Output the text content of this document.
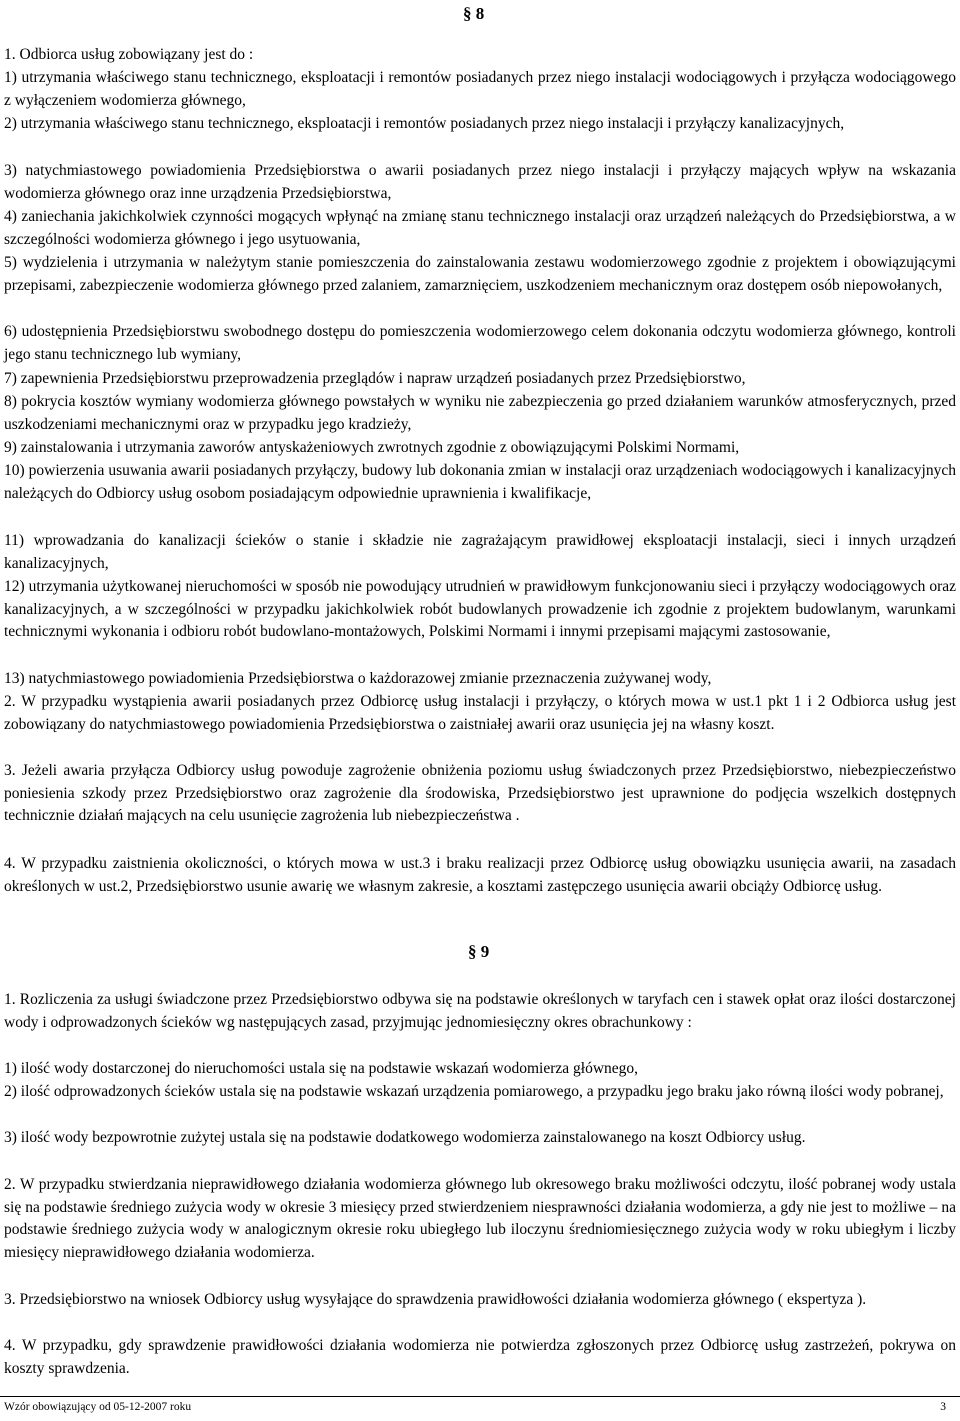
§ 8

1. Odbiorca usług zobowiązany jest do :

1) utrzymania właściwego stanu technicznego, eksploatacji i remontów posiadanych przez niego instalacji wodociągowych i przyłącza wodociągowego z wyłączeniem wodomierza głównego,

2) utrzymania właściwego stanu technicznego, eksploatacji i remontów posiadanych przez niego instalacji i przyłączy kanalizacyjnych,

3) natychmiastowego powiadomienia Przedsiębiorstwa o awarii posiadanych przez niego instalacji i przyłączy mających wpływ na wskazania wodomierza głównego oraz inne urządzenia Przedsiębiorstwa,

4) zaniechania jakichkolwiek czynności mogących wpłynąć na zmianę stanu technicznego instalacji oraz urządzeń należących do Przedsiębiorstwa, a w szczególności wodomierza głównego i jego usytuowania,

5) wydzielenia i utrzymania w należytym stanie pomieszczenia do zainstalowania zestawu wodomierzowego zgodnie z projektem i obowiązującymi przepisami, zabezpieczenie wodomierza głównego przed zalaniem, zamarznięciem, uszkodzeniem mechanicznym oraz dostępem osób niepowołanych,

6) udostępnienia Przedsiębiorstwu swobodnego dostępu do pomieszczenia wodomierzowego celem dokonania odczytu wodomierza głównego, kontroli jego stanu technicznego lub wymiany,

7) zapewnienia Przedsiębiorstwu przeprowadzenia przeglądów i napraw urządzeń posiadanych przez Przedsiębiorstwo,

8) pokrycia kosztów wymiany wodomierza głównego powstałych w wyniku nie zabezpieczenia go przed działaniem warunków atmosferycznych, przed uszkodzeniami mechanicznymi oraz w przypadku jego kradzieży,

9) zainstalowania i utrzymania zaworów antyskażeniowych zwrotnych zgodnie z obowiązującymi Polskimi Normami,

10) powierzenia usuwania awarii posiadanych przyłączy, budowy lub dokonania zmian w instalacji oraz urządzeniach wodociągowych i kanalizacyjnych należących do Odbiorcy usług osobom posiadającym odpowiednie uprawnienia i kwalifikacje,

11) wprowadzania do kanalizacji ścieków o stanie i składzie nie zagrażającym prawidłowej eksploatacji instalacji, sieci i innych urządzeń kanalizacyjnych,

12) utrzymania użytkowanej nieruchomości w sposób nie powodujący utrudnień w prawidłowym funkcjonowaniu sieci i przyłączy wodociągowych oraz kanalizacyjnych, a w szczególności w przypadku jakichkolwiek robót budowlanych prowadzenie ich zgodnie z projektem budowlanym, warunkami technicznymi wykonania i odbioru robót budowlano-montażowych, Polskimi Normami i innymi przepisami mającymi zastosowanie,

13) natychmiastowego powiadomienia Przedsiębiorstwa o każdorazowej zmianie przeznaczenia zużywanej wody,

2. W przypadku wystąpienia awarii posiadanych przez Odbiorcę usług instalacji i przyłączy, o których mowa w ust.1 pkt 1 i 2 Odbiorca usług jest zobowiązany do natychmiastowego powiadomienia Przedsiębiorstwa o zaistniałej awarii oraz usunięcia jej na własny koszt.

3. Jeżeli awaria przyłącza Odbiorcy usług powoduje zagrożenie obniżenia poziomu usług świadczonych przez Przedsiębiorstwo, niebezpieczeństwo poniesienia szkody przez Przedsiębiorstwo oraz zagrożenie dla środowiska, Przedsiębiorstwo jest uprawnione do podjęcia wszelkich dostępnych technicznie działań mających na celu usunięcie zagrożenia lub niebezpieczeństwa .

4. W przypadku zaistnienia okoliczności, o których mowa w ust.3 i braku realizacji przez Odbiorcę usług obowiązku usunięcia awarii, na zasadach określonych w ust.2, Przedsiębiorstwo usunie awarię we własnym zakresie, a kosztami zastępczego usunięcia awarii obciąży Odbiorcę usług.

§ 9

1. Rozliczenia za usługi świadczone przez Przedsiębiorstwo odbywa się na podstawie określonych w taryfach cen i stawek opłat oraz ilości dostarczonej wody i odprowadzonych ścieków wg następujących zasad, przyjmując jednomiesięczny okres obrachunkowy :

1) ilość wody dostarczonej do nieruchomości ustala się na podstawie wskazań wodomierza głównego,

2) ilość odprowadzonych ścieków ustala się na podstawie wskazań urządzenia pomiarowego, a przypadku jego braku jako równą ilości wody pobranej,

3) ilość wody bezpowrotnie zużytej ustala się na podstawie dodatkowego wodomierza zainstalowanego na koszt Odbiorcy usług.

2. W przypadku stwierdzania nieprawidłowego działania wodomierza głównego lub okresowego braku możliwości odczytu, ilość pobranej wody ustala się na podstawie średniego zużycia wody w okresie 3 miesięcy przed stwierdzeniem niesprawności działania wodomierza, a gdy nie jest to możliwe – na podstawie średniego zużycia wody w analogicznym okresie roku ubiegłego lub iloczynu średniomiesięcznego zużycia wody w roku ubiegłym i liczby miesięcy nieprawidłowego działania wodomierza.

3. Przedsiębiorstwo na wniosek Odbiorcy usług wysyłające do sprawdzenia prawidłowości działania wodomierza głównego ( ekspertyza ).

4. W przypadku, gdy sprawdzenie prawidłowości działania wodomierza nie potwierdza zgłoszonych przez Odbiorcę usług zastrzeżeń, pokrywa on koszty sprawdzenia.

Wzór obowiązujący od 05-12-2007 roku	3
